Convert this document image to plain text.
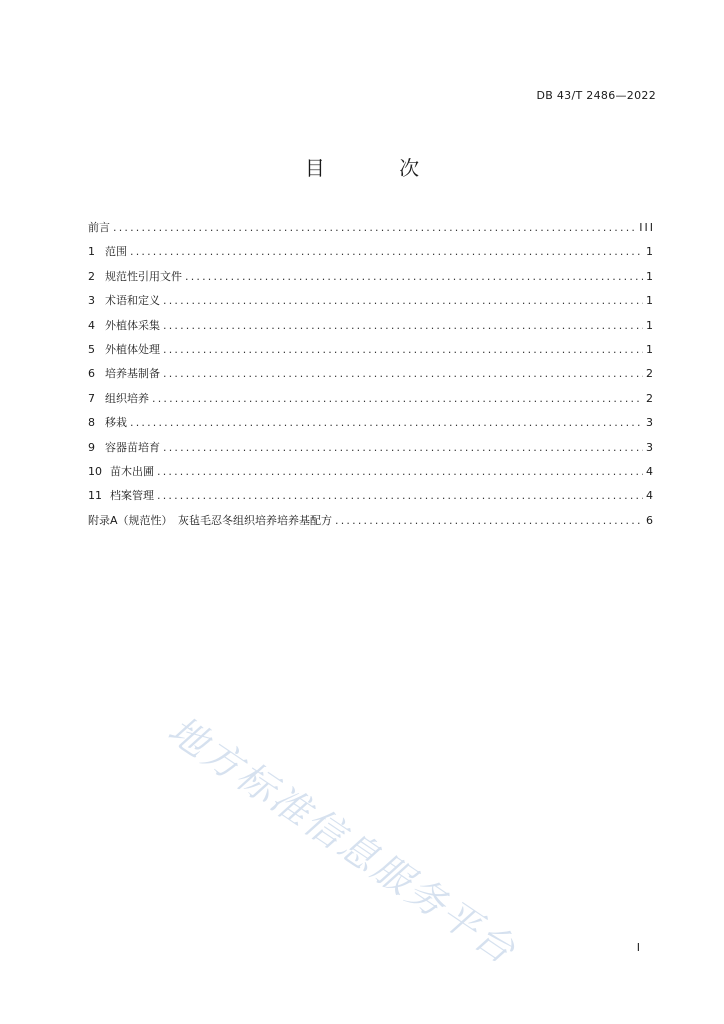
DB 43/T 2486—2022
目 次
前言 .....	III
1 范围 .....	1
2 规范性引用文件 .....	1
3 术语和定义 .....	1
4 外植体采集 .....	1
5 外植体处理 .....	1
6 培养基制备 .....	2
7 组织培养 .....	2
8 移栽 .....	3
9 容器苗培育 .....	3
10 苗木出圃 .....	4
11 档案管理 .....	4
附录A（规范性）　灰毡毛忍冬组织培养培养基配方 .....	6
地方标准信息服务平台	I
